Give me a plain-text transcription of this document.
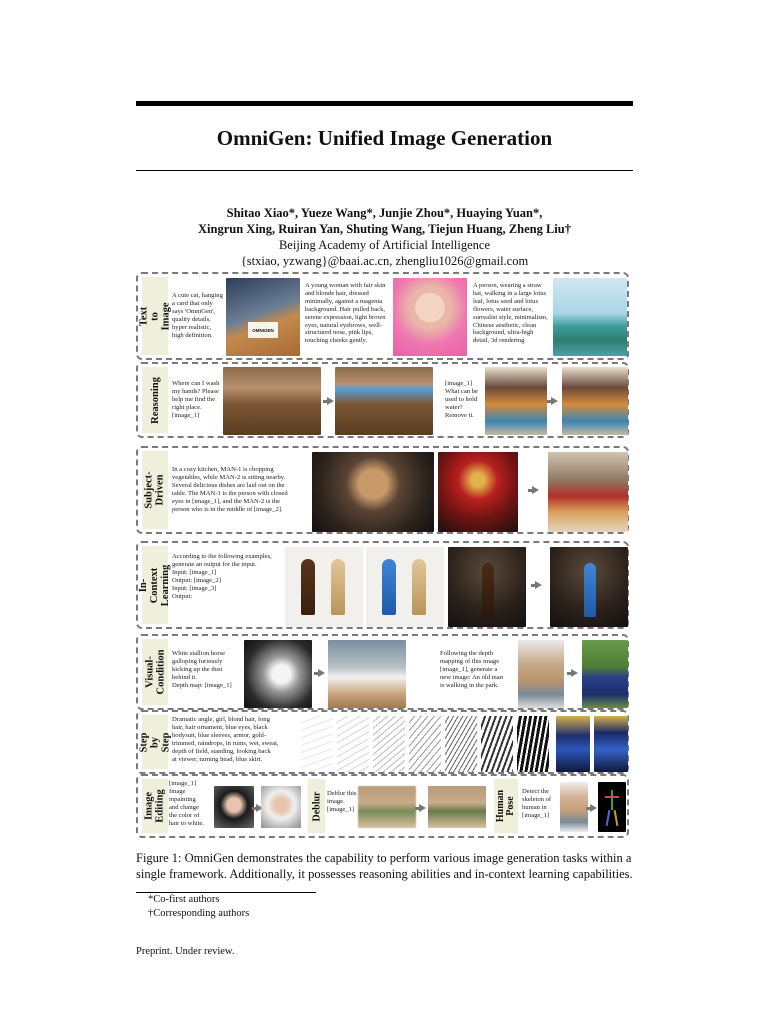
OmniGen: Unified Image Generation
Shitao Xiao*, Yueze Wang*, Junjie Zhou*, Huaying Yuan*,
Xingrun Xing, Ruiran Yan, Shuting Wang, Tiejun Huang, Zheng Liu†
Beijing Academy of Artificial Intelligence
{stxiao, yzwang}@baai.ac.cn, zhengliu1026@gmail.com
Text to Image
A cute cat, hanging
a card that only
says 'OmniGen',
quality details,
hyper realistic,
high definition.
OMNIGEN
A young woman with fair skin
and blonde hair, dressed
minimally, against a magenta
background. Hair pulled back,
serene expression, light brown
eyes, natural eyebrows, well-
structured nose, pink lips,
touching cheeks gently.
A person, wearing a straw
hat, walking in a large lotus
leaf, lotus seed and lotus
flowers, water surface,
surrealist style, minimalism,
Chinese aesthetic, clean
background, ultra-high
detail, 3d rendering
Reasoning Where can I wash
my hands? Please
help me find the
right place.
[image_1]
[image_1]
What can be
used to hold
water?
Remove it.
Subject-Driven
In a cozy kitchen, MAN-1 is chopping
vegetables, while MAN-2 is sitting nearby.
Several delicious dishes are laid out on the
table. The MAN-1 is the person with closed
eyes in [image_1], and the MAN-2 is the
person who is in the middle of [image_2].
In-Context
Learning
According to the following examples,
generate an output for the input.
Input: [image_1]
Output: [image_2]
Input: [image_3]
Output:
Visual-
Condition White stallion horse
galloping furiously
kicking up the dust
behind it.
Depth map: [image_1]
Following the depth
mapping of this image
[image_1], generate a
new image: An old man
is walking in the park.
Step by
Step
Dramatic angle, girl, blond hair, long
hair, hair ornament, blue eyes, black
bodysuit, blue sleeves, armor, gold-
trimmed, raindrops, in ruins, wet, sweat,
depth of field, standing, looking back
at viewer, turning head, blue skirt.
Image
Editing
[image_1]
Image
inpainting
and change
the color of
hair to white.
Deblur Deblur this
image.
[image_1]	Human
Pose
Detect the
skeleton of
human in
[image_1]
Figure 1: OmniGen demonstrates the capability to perform various image generation tasks within a single framework. Additionally, it possesses reasoning abilities and in-context learning capabilities.
*Co-first authors
†Corresponding authors
Preprint. Under review.
